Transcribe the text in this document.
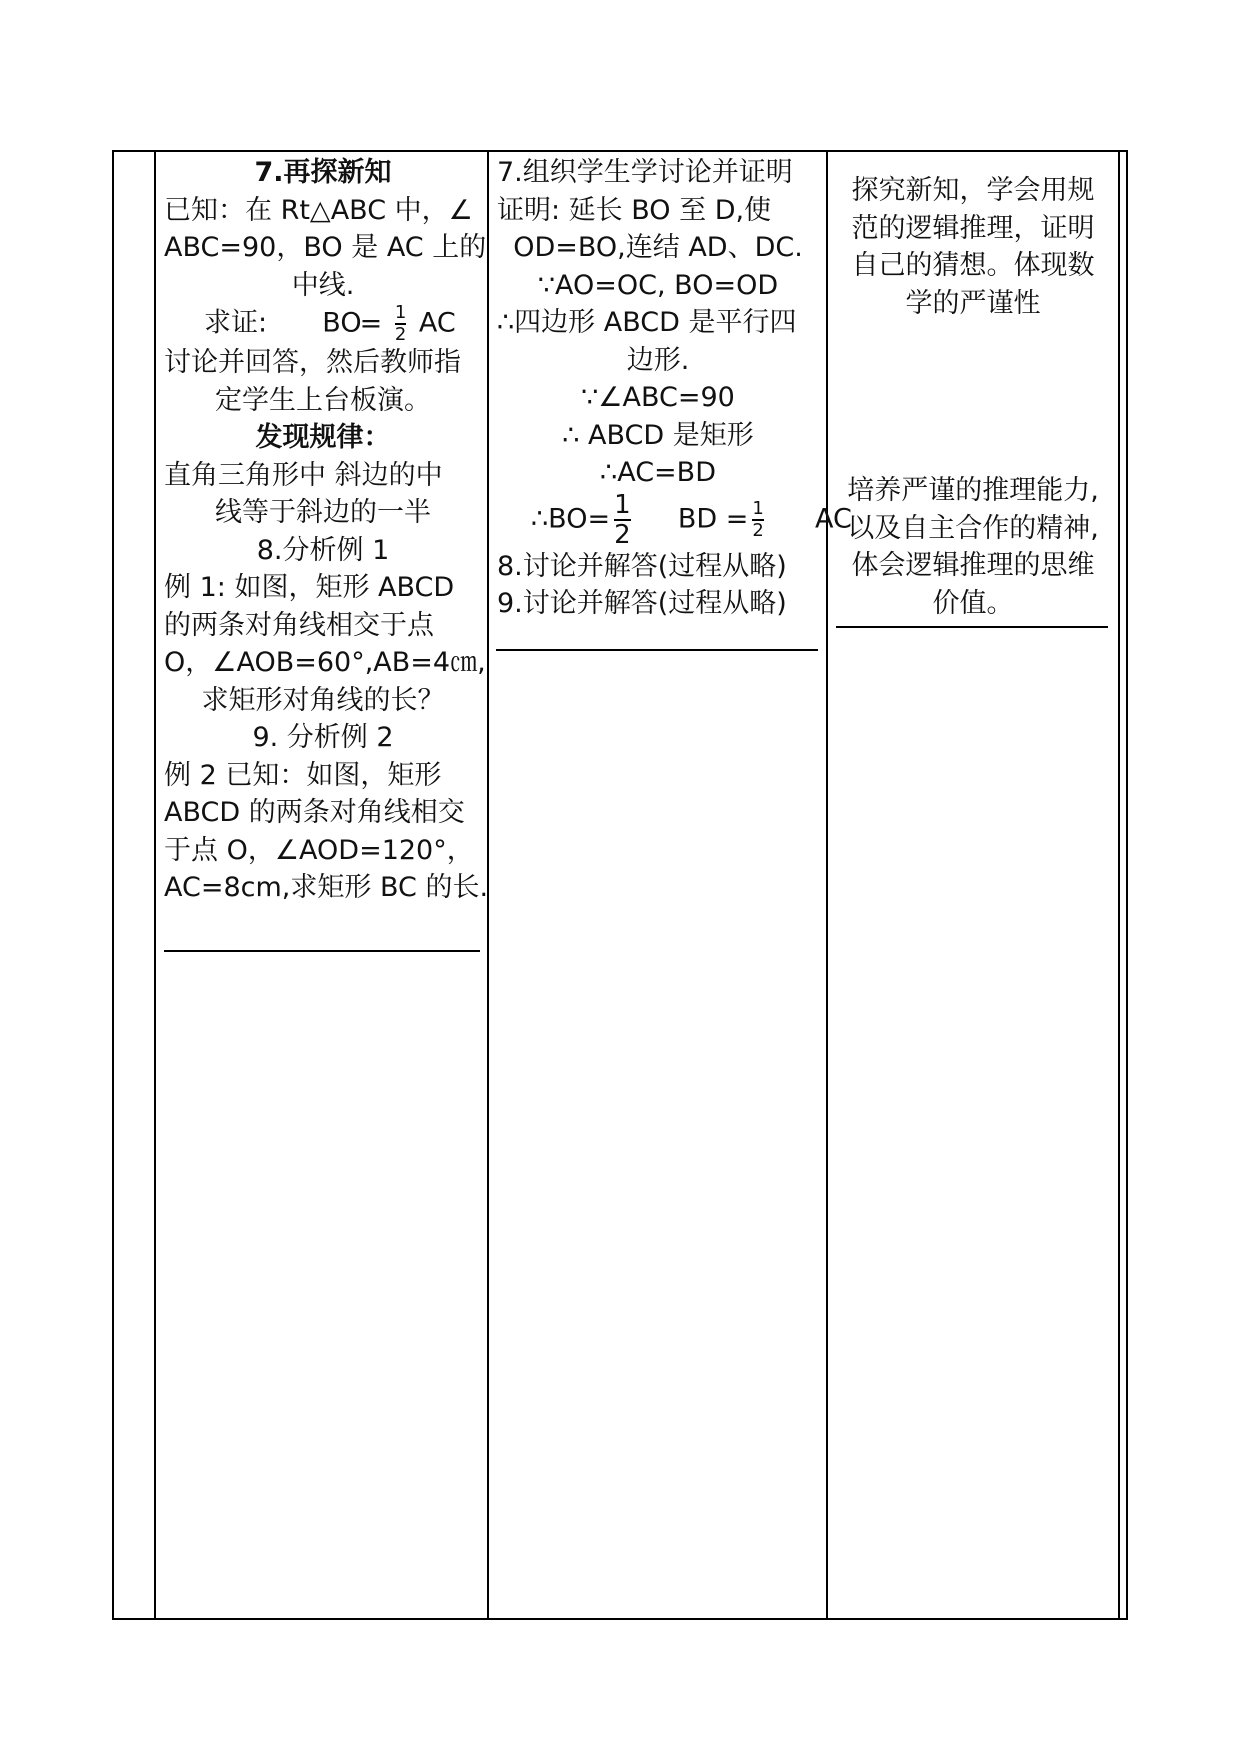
7.再探新知
已知：在 Rt△ABC 中，∠
ABC=90，BO 是 AC 上的
中线.
求证: $BO= \frac{1}{2}$ AC
讨论并回答，然后教师指
定学生上台板演。
发现规律：
直角三角形中 斜边的中
线等于斜边的一半
8.分析例 1
例 1: 如图，矩形 ABCD
的两条对角线相交于点
O，∠AOB=60°,AB=4㎝,
求矩形对角线的长？
9. 分析例 2
例 2 已知：如图，矩形
ABCD 的两条对角线相交
于点 O，∠AOD=120°，
AC=8cm,求矩形 BC 的长.
7.组织学生学讨论并证明
证明: 延长 BO 至 D,使
OD=BO,连结 AD、DC.
∵AO=OC, BO=OD
∴四边形 ABCD 是平行四
边形.
∵∠ABC=90
∴ ABCD 是矩形
∴AC=BD
∴BO= $\frac{1}{2}$ BD = $\frac{1}{2}$ AC
8.讨论并解答(过程从略)
9.讨论并解答(过程从略)
探究新知，学会用规
范的逻辑推理，证明
自己的猜想。体现数
学的严谨性
培养严谨的推理能力,
以及自主合作的精神,
体会逻辑推理的思维
价值。
